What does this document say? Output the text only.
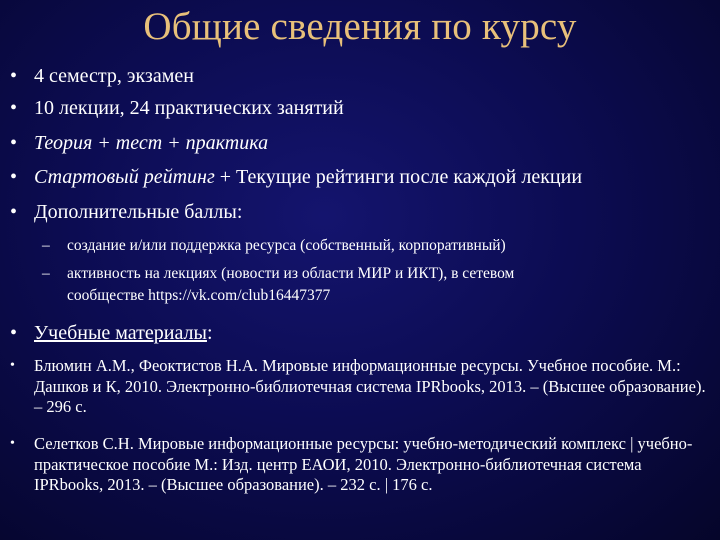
Общие сведения по курсу
• 4 семестр, экзамен
• 10 лекции, 24 практических занятий
• Теория + тест + практика
• Стартовый рейтинг + Текущие рейтинги после каждой лекции
• Дополнительные баллы:
– создание и/или поддержка ресурса (собственный, корпоративный)
– активность на лекциях (новости из области МИР и ИКТ), в сетевом
сообществе https://vk.com/club16447377
• Учебные материалы:
• Блюмин А.М., Феоктистов Н.А. Мировые информационные ресурсы. Учебное пособие. М.: Дашков и К, 2010. Электронно-библиотечная система IPRbooks, 2013. – (Высшее образование). – 296 с.
• Селетков С.Н. Мировые информационные ресурсы: учебно-методический комплекс | учебно-практическое пособие М.: Изд. центр ЕАОИ, 2010. Электронно-библиотечная система IPRbooks, 2013. – (Высшее образование). – 232 с. | 176 с.
